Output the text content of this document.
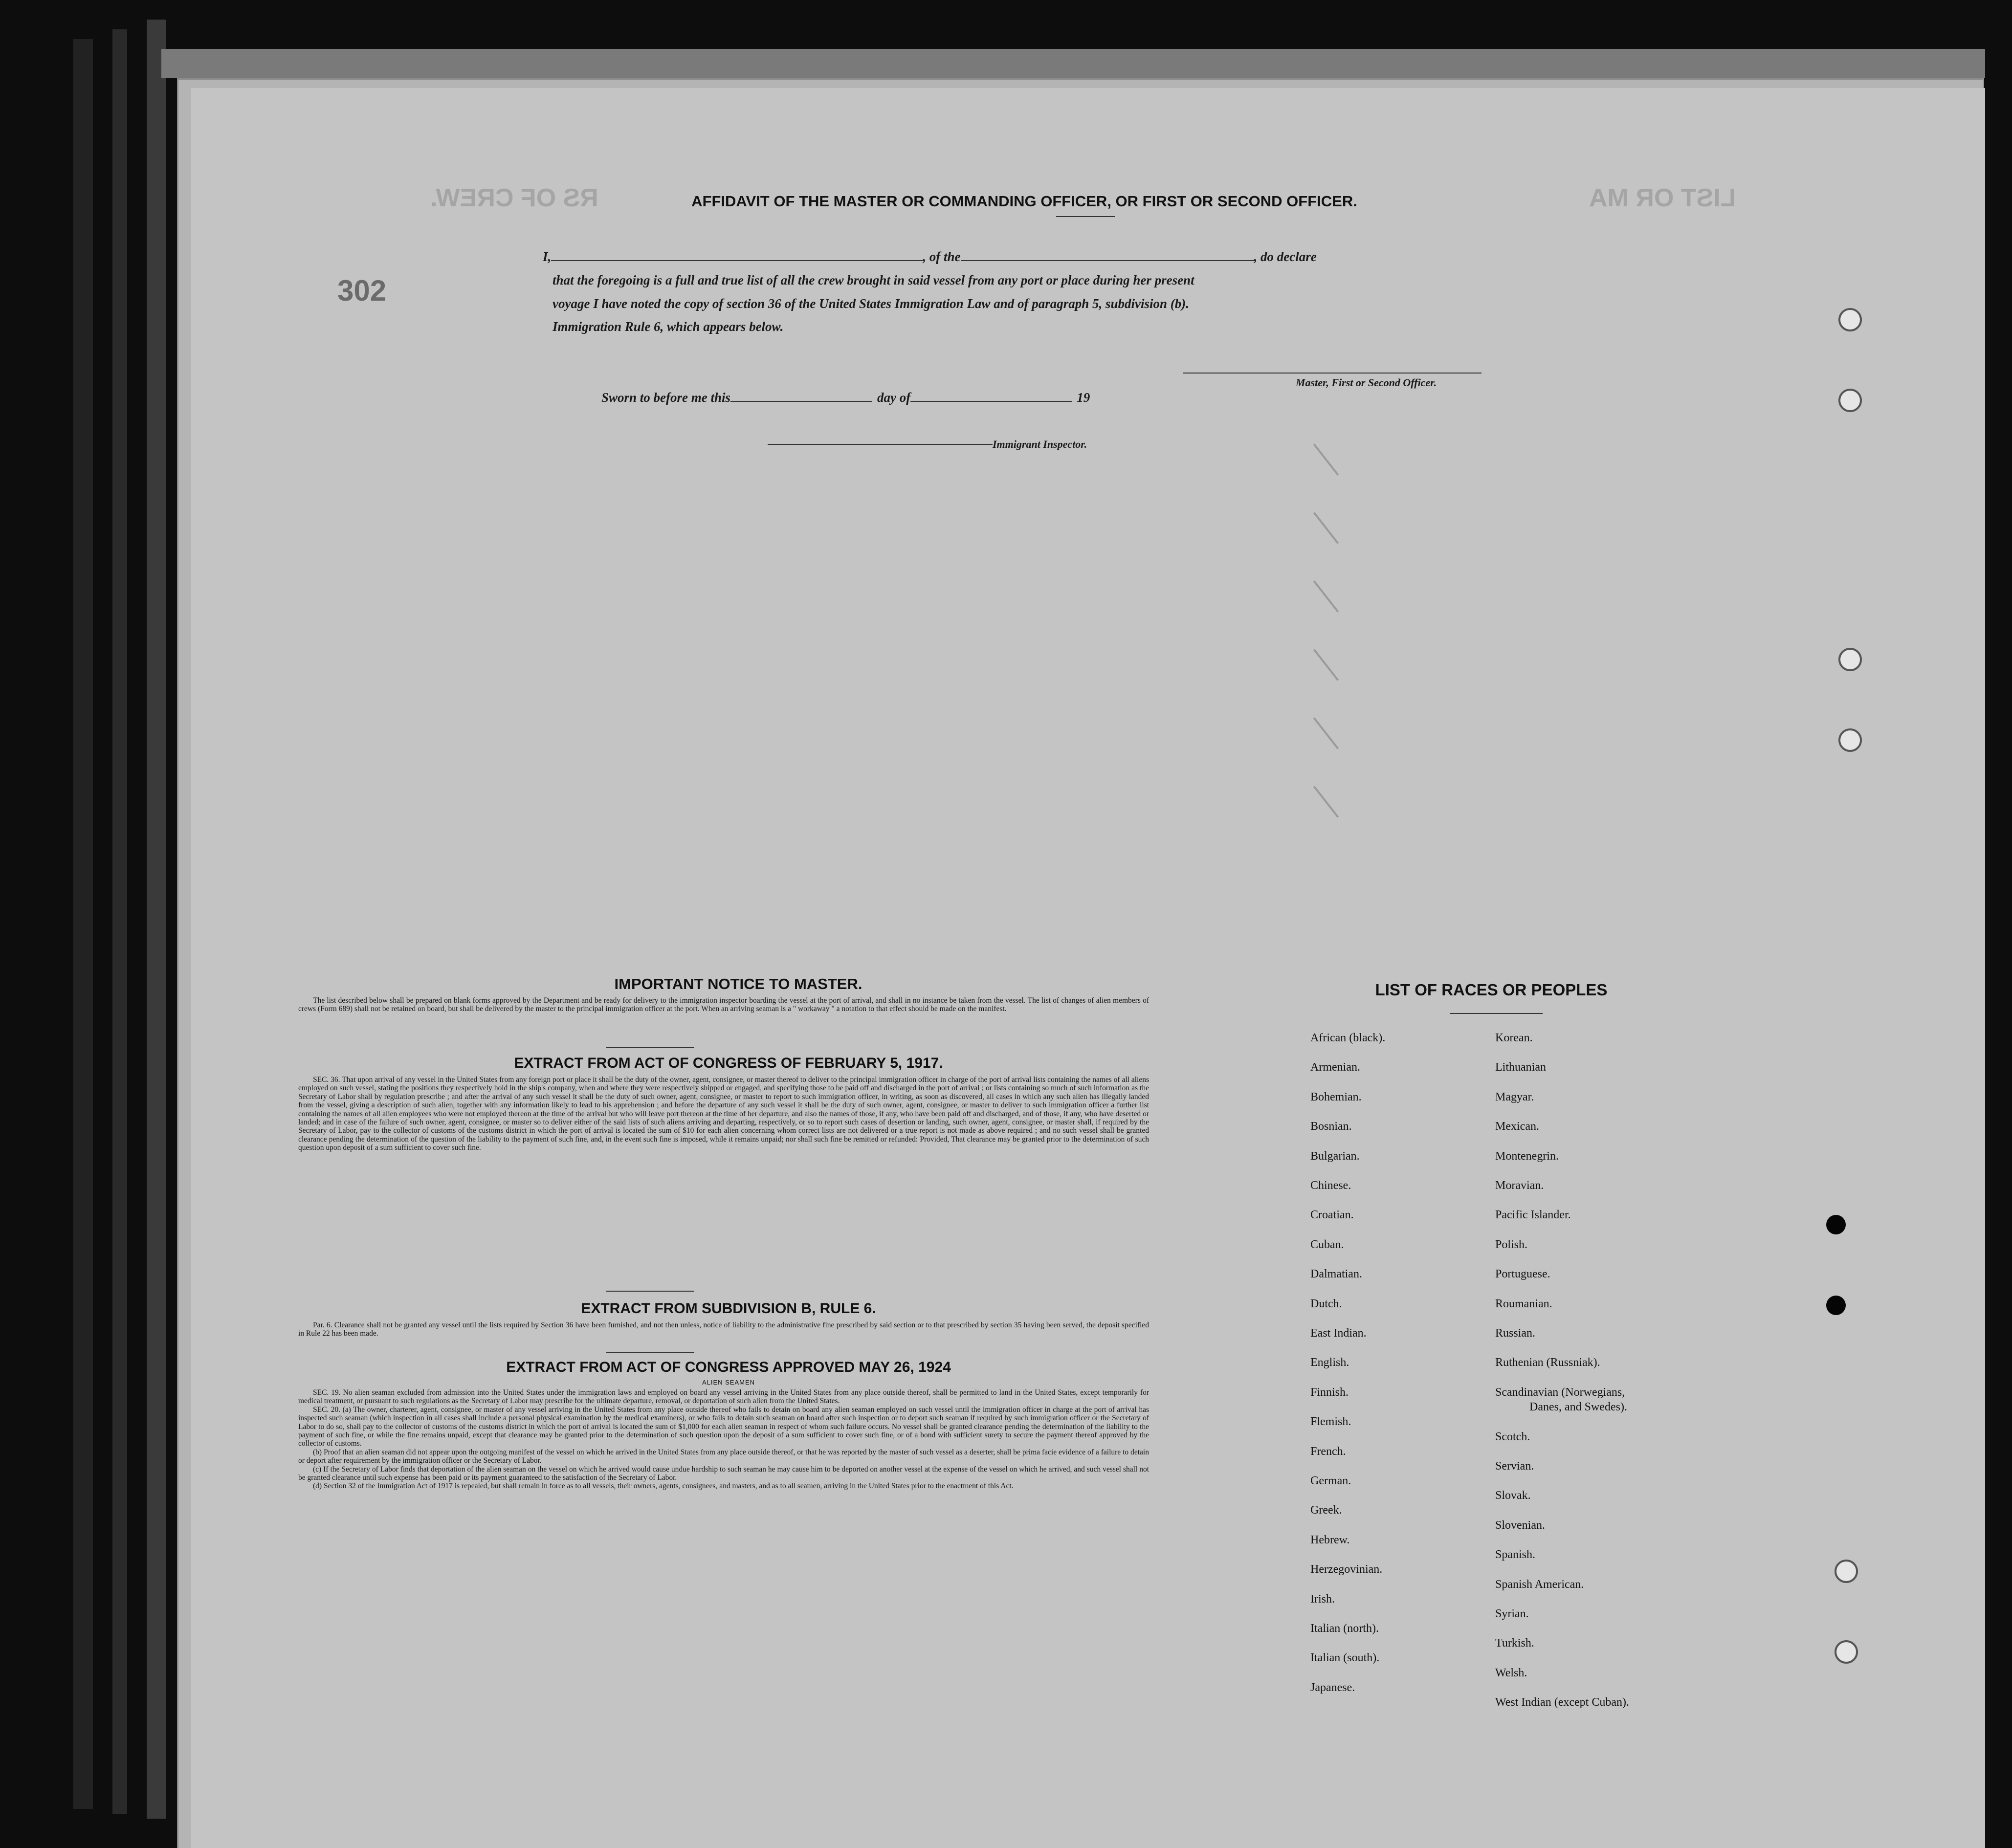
LIST OR MA
RS OF CREW.
302
AFFIDAVIT OF THE MASTER OR COMMANDING OFFICER, OR FIRST OR SECOND OFFICER.
I,	, of the	, do declare
that the foregoing is a full and true list of all the crew brought in said vessel from any port or place during her present
voyage I have noted the copy of section 36 of the United States Immigration Law and of paragraph 5, subdivision (b).
Immigration Rule 6, which appears below.
Master, First or Second Officer.
Sworn to before me this	day of	19
Immigrant Inspector.
IMPORTANT NOTICE TO MASTER.
The list described below shall be prepared on blank forms approved by the Department and be ready for delivery to the immigration inspector boarding the vessel at the port of arrival, and shall in no instance be taken from the vessel. The list of changes of alien members of crews (Form 689) shall not be retained on board, but shall be delivered by the master to the principal immigration officer at the port. When an arriving seaman is a " workaway " a notation to that effect should be made on the manifest.
EXTRACT FROM ACT OF CONGRESS OF FEBRUARY 5, 1917.
SEC. 36. That upon arrival of any vessel in the United States from any foreign port or place it shall be the duty of the owner, agent, consignee, or master thereof to deliver to the principal immigration officer in charge of the port of arrival lists containing the names of all aliens employed on such vessel, stating the positions they respectively hold in the ship's company, when and where they were respectively shipped or engaged, and specifying those to be paid off and discharged in the port of arrival ; or lists containing so much of such information as the Secretary of Labor shall by regulation prescribe ; and after the arrival of any such vessel it shall be the duty of such owner, agent, consignee, or master to report to such immigration officer, in writing, as soon as discovered, all cases in which any such alien has illegally landed from the vessel, giving a description of such alien, together with any information likely to lead to his apprehension ; and before the departure of any such vessel it shall be the duty of such owner, agent, consignee, or master to deliver to such immigration officer a further list containing the names of all alien employees who were not employed thereon at the time of the arrival but who will leave port thereon at the time of her departure, and also the names of those, if any, who have been paid off and discharged, and of those, if any, who have deserted or landed; and in case of the failure of such owner, agent, consignee, or master so to deliver either of the said lists of such aliens arriving and departing, respectively, or so to report such cases of desertion or landing, such owner, agent, consignee, or master shall, if required by the Secretary of Labor, pay to the collector of customs of the customs district in which the port of arrival is located the sum of $10 for each alien concerning whom correct lists are not delivered or a true report is not made as above required ; and no such vessel shall be granted clearance pending the determination of the question of the liability to the payment of such fine, and, in the event such fine is imposed, while it remains unpaid; nor shall such fine be remitted or refunded: Provided, That clearance may be granted prior to the determination of such question upon deposit of a sum sufficient to cover such fine.
EXTRACT FROM SUBDIVISION B, RULE 6.
Par. 6. Clearance shall not be granted any vessel until the lists required by Section 36 have been furnished, and not then unless, notice of liability to the administrative fine prescribed by said section or to that prescribed by section 35 having been served, the deposit specified in Rule 22 has been made.
EXTRACT FROM ACT OF CONGRESS APPROVED MAY 26, 1924
ALIEN SEAMEN

SEC. 19. No alien seaman excluded from admission into the United States under the immigration laws and employed on board any vessel arriving in the United States from any place outside thereof, shall be permitted to land in the United States, except temporarily for medical treatment, or pursuant to such regulations as the Secretary of Labor may prescribe for the ultimate departure, removal, or deportation of such alien from the United States.

SEC. 20. (a) The owner, charterer, agent, consignee, or master of any vessel arriving in the United States from any place outside thereof who fails to detain on board any alien seaman employed on such vessel until the immigration officer in charge at the port of arrival has inspected such seaman (which inspection in all cases shall include a personal physical examination by the medical examiners), or who fails to detain such seaman on board after such inspection or to deport such seaman if required by such immigration officer or the Secretary of Labor to do so, shall pay to the collector of customs of the customs district in which the port of arrival is located the sum of $1,000 for each alien seaman in respect of whom such failure occurs. No vessel shall be granted clearance pending the determination of the liability to the payment of such fine, or while the fine remains unpaid, except that clearance may be granted prior to the determination of such question upon the deposit of a sum sufficient to cover such fine, or of a bond with sufficient surety to secure the payment thereof approved by the collector of customs.

(b) Proof that an alien seaman did not appear upon the outgoing manifest of the vessel on which he arrived in the United States from any place outside thereof, or that he was reported by the master of such vessel as a deserter, shall be prima facie evidence of a failure to detain or deport after requirement by the immigration officer or the Secretary of Labor.

(c) If the Secretary of Labor finds that deportation of the alien seaman on the vessel on which he arrived would cause undue hardship to such seaman he may cause him to be deported on another vessel at the expense of the vessel on which he arrived, and such vessel shall not be granted clearance until such expense has been paid or its payment guaranteed to the satisfaction of the Secretary of Labor.

(d) Section 32 of the Immigration Act of 1917 is repealed, but shall remain in force as to all vessels, their owners, agents, consignees, and masters, and as to all seamen, arriving in the United States prior to the enactment of this Act.

LIST OF RACES OR PEOPLES
African (black).
Armenian.
Bohemian.
Bosnian.
Bulgarian.
Chinese.
Croatian.
Cuban.
Dalmatian.
Dutch.
East Indian.
English.
Finnish.
Flemish.
French.
German.
Greek.
Hebrew.
Herzegovinian.
Irish.
Italian (north).
Italian (south).
Japanese.
Korean.
Lithuanian
Magyar.
Mexican.
Montenegrin.
Moravian.
Pacific Islander.
Polish.
Portuguese.
Roumanian.
Russian.
Ruthenian (Russniak).
Scandinavian (Norwegians,
Danes, and Swedes).
Scotch.
Servian.
Slovak.
Slovenian.
Spanish.
Spanish American.
Syrian.
Turkish.
Welsh.
West Indian (except Cuban).
